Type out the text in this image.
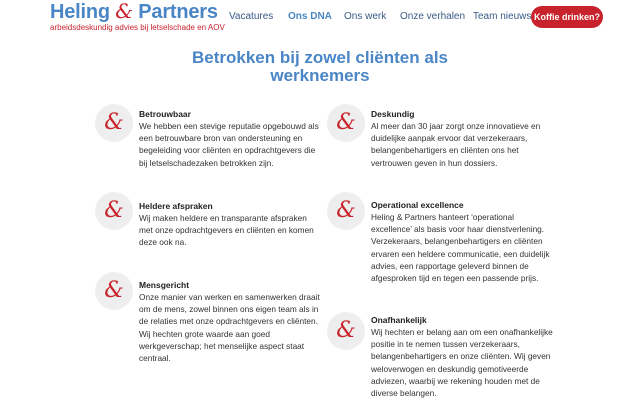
Heling & Partners
arbeidsdeskundig advies bij letselschade en AOV
Vacatures Ons DNA Ons werk Onze verhalen Team nieuws Koffie drinken?
Betrokken bij zowel cliënten als werknemers
&	Betrouwbaar
We hebben een stevige reputatie opgebouwd als een betrouwbare bron van ondersteuning en begeleiding voor cliënten en opdrachtgevers die bij letselschadezaken betrokken zijn.
&	Deskundig
Al meer dan 30 jaar zorgt onze innovatieve en duidelijke aanpak ervoor dat verzekeraars, belangenbehartigers en cliënten ons het vertrouwen geven in hun dossiers.
&	Heldere afspraken
Wij maken heldere en transparante afspraken met onze opdrachtgevers en cliënten en komen deze ook na.
&	Operational excellence
Heling & Partners hanteert ‘operational excellence’ als basis voor haar dienstverlening. Verzekeraars, belangenbehartigers en cliënten ervaren een heldere communicatie, een duidelijk advies, een rapportage geleverd binnen de afgesproken tijd en tegen een passende prijs.
&	Mensgericht
Onze manier van werken en samenwerken draait om de mens, zowel binnen ons eigen team als in de relaties met onze opdrachtgevers en cliënten. Wij hechten grote waarde aan goed werkgeverschap; het menselijke aspect staat centraal.
&	Onafhankelijk
Wij hechten er belang aan om een onafhankelijke positie in te nemen tussen verzekeraars, belangenbehartigers en onze cliënten. Wij geven weloverwogen en deskundig gemotiveerde adviezen, waarbij we rekening houden met de diverse belangen.
